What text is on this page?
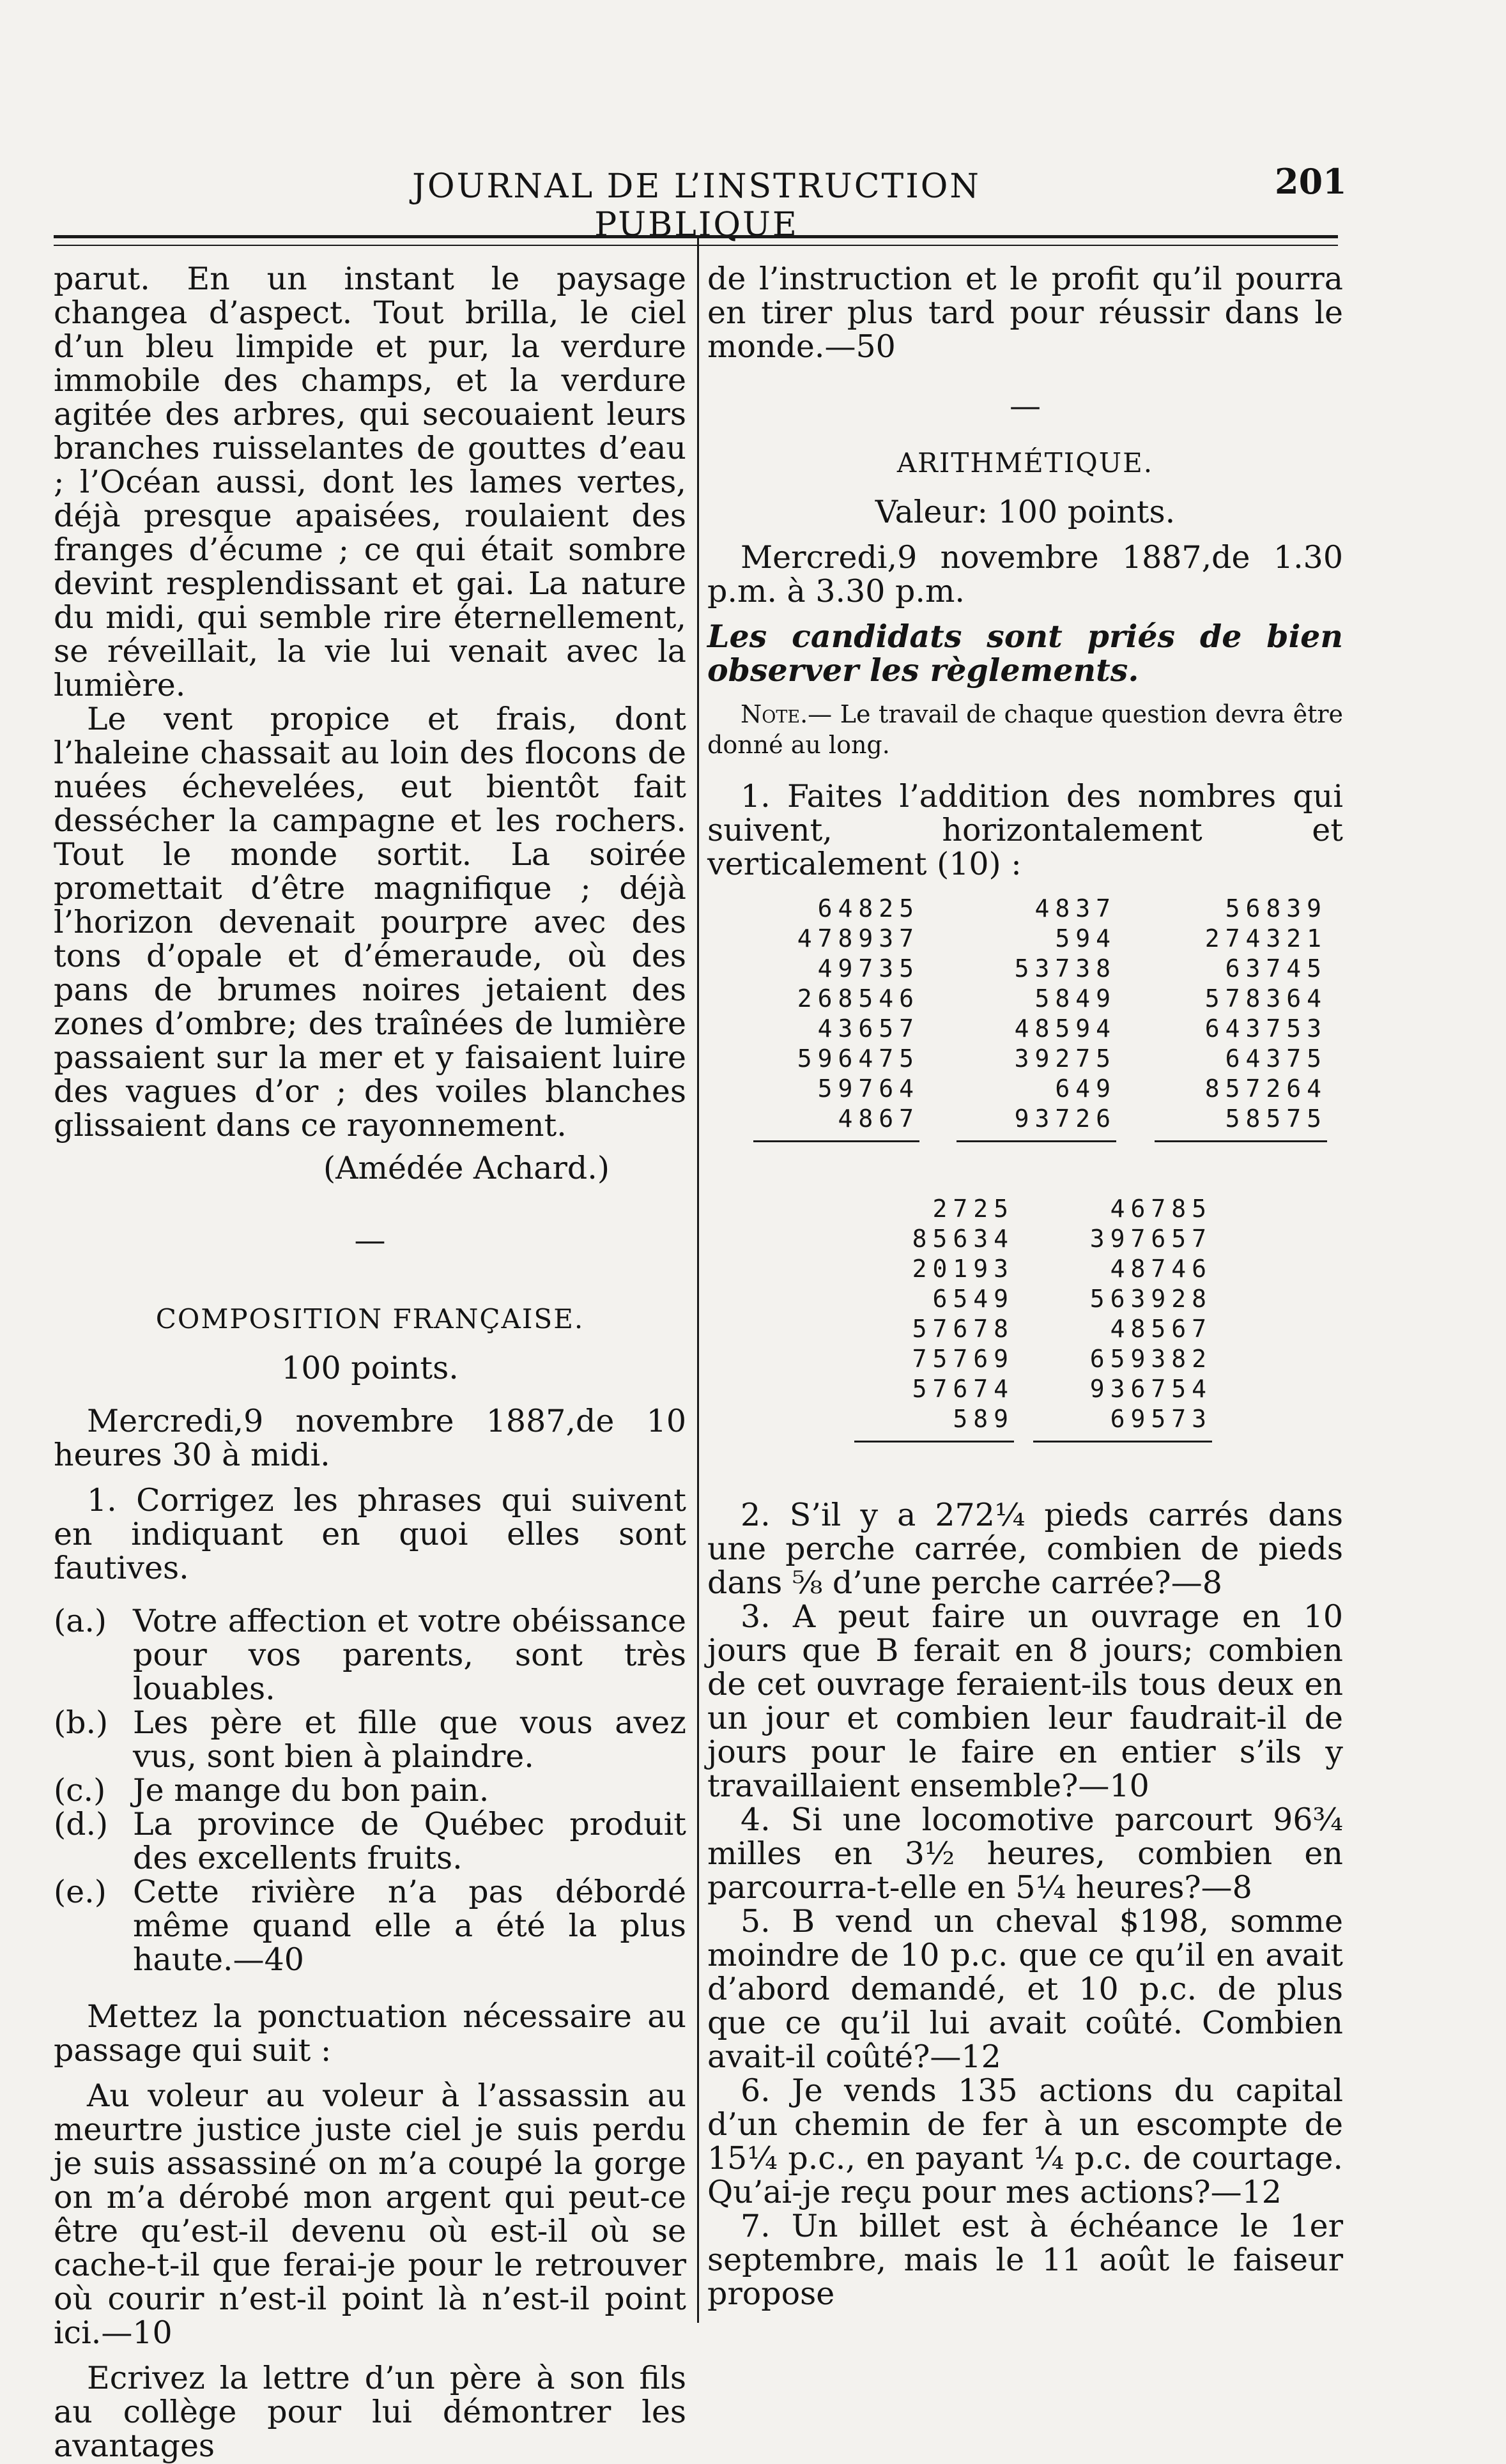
JOURNAL DE L’INSTRUCTION PUBLIQUE
201

parut. En un instant le paysage changea d’aspect. Tout brilla, le ciel d’un bleu limpide et pur, la verdure immobile des champs, et la verdure agitée des arbres, qui secouaient leurs branches ruisselantes de gouttes d’eau ; l’Océan aussi, dont les lames vertes, déjà presque apaisées, roulaient des franges d’écume ; ce qui était sombre devint resplendissant et gai. La nature du midi, qui semble rire éternellement, se réveillait, la vie lui venait avec la lumière.

Le vent propice et frais, dont l’haleine chassait au loin des flocons de nuées échevelées, eut bientôt fait dessécher la campagne et les rochers. Tout le monde sortit. La soirée promettait d’être magnifique ; déjà l’horizon devenait pourpre avec des tons d’opale et d’émeraude, où des pans de brumes noires jetaient des zones d’ombre; des traînées de lumière passaient sur la mer et y faisaient luire des vagues d’or ; des voiles blanches glissaient dans ce rayonnement.

(Amédée Achard.)

—

COMPOSITION FRANÇAISE.

100 points.

Mercredi,9 novembre 1887,de 10 heures 30 à midi.

1. Corrigez les phrases qui suivent en indiquant en quoi elles sont fautives.

(a.) Votre affection et votre obéissance pour vos parents, sont très louables.
(b.) Les père et fille que vous avez vus, sont bien à plaindre.
(c.) Je mange du bon pain.
(d.) La province de Québec produit des excellents fruits.
(e.) Cette rivière n’a pas débordé même quand elle a été la plus haute.—40

Mettez la ponctuation nécessaire au passage qui suit :

Au voleur au voleur à l’assassin au meurtre justice juste ciel je suis perdu je suis assassiné on m’a coupé la gorge on m’a dérobé mon argent qui peut-ce être qu’est-il devenu où est-il où se cache-t-il que ferai-je pour le retrouver où courir n’est-il point là n’est-il point ici.—10

Ecrivez la lettre d’un père à son fils au collège pour lui démontrer les avantages

de l’instruction et le profit qu’il pourra en tirer plus tard pour réussir dans le monde.—50

—

ARITHMÉTIQUE.

Valeur: 100 points.

Mercredi,9 novembre 1887,de 1.30 p.m. à 3.30 p.m.

Les candidats sont priés de bien observer les règlements.

Note.— Le travail de chaque question devra être donné au long.

1. Faites l’addition des nombres qui suivent, horizontalement et verticalement (10) :

64825
478937
49735
268546
43657
596475
59764
4867
4837
594
53738
5849
48594
39275
649
93726
56839
274321
63745
578364
643753
64375
857264
58575
2725
85634
20193
6549
57678
75769
57674
589
46785
397657
48746
563928
48567
659382
936754
69573

2. S’il y a 272¼ pieds carrés dans une perche carrée, combien de pieds dans ⅝ d’une perche carrée?—8

3. A peut faire un ouvrage en 10 jours que B ferait en 8 jours; combien de cet ouvrage feraient-ils tous deux en un jour et combien leur faudrait-il de jours pour le faire en entier s’ils y travaillaient ensemble?—10

4. Si une locomotive parcourt 96¾ milles en 3½ heures, combien en parcourra-t-elle en 5¼ heures?—8

5. B vend un cheval $198, somme moindre de 10 p.c. que ce qu’il en avait d’abord demandé, et 10 p.c. de plus que ce qu’il lui avait coûté. Combien avait-il coûté?—12

6. Je vends 135 actions du capital d’un chemin de fer à un escompte de 15¼ p.c., en payant ¼ p.c. de courtage. Qu’ai-je reçu pour mes actions?—12

7. Un billet est à échéance le 1er septembre, mais le 11 août le faiseur propose
